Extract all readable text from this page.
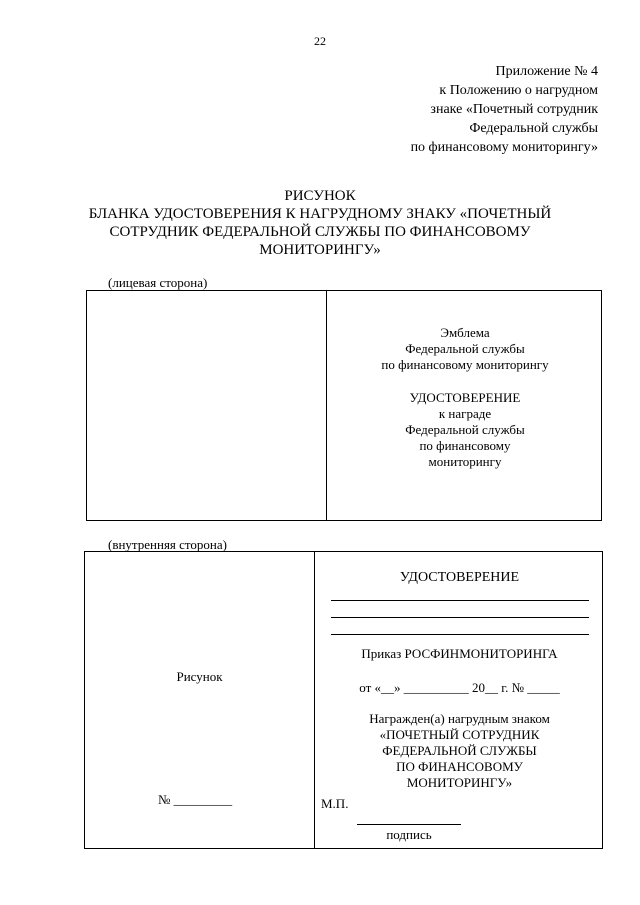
22
Приложение № 4
к Положению о нагрудном
знаке «Почетный сотрудник
Федеральной службы
по финансовому мониторингу»
РИСУНОК
БЛАНКА УДОСТОВЕРЕНИЯ К НАГРУДНОМУ ЗНАКУ «ПОЧЕТНЫЙ
СОТРУДНИК ФЕДЕРАЛЬНОЙ СЛУЖБЫ ПО ФИНАНСОВОМУ
МОНИТОРИНГУ»
(лицевая сторона)
Эмблема
Федеральной службы
по финансовому мониторингу
УДОСТОВЕРЕНИЕ
к награде
Федеральной службы
по финансовому
мониторингу
(внутренняя сторона)
Рисунок
№ _________
УДОСТОВЕРЕНИЕ
Приказ РОСФИНМОНИТОРИНГА
от «__» __________ 20__ г. № _____
Награжден(а) нагрудным знаком
«ПОЧЕТНЫЙ СОТРУДНИК
ФЕДЕРАЛЬНОЙ СЛУЖБЫ
ПО ФИНАНСОВОМУ
МОНИТОРИНГУ»
М.П.
подпись
